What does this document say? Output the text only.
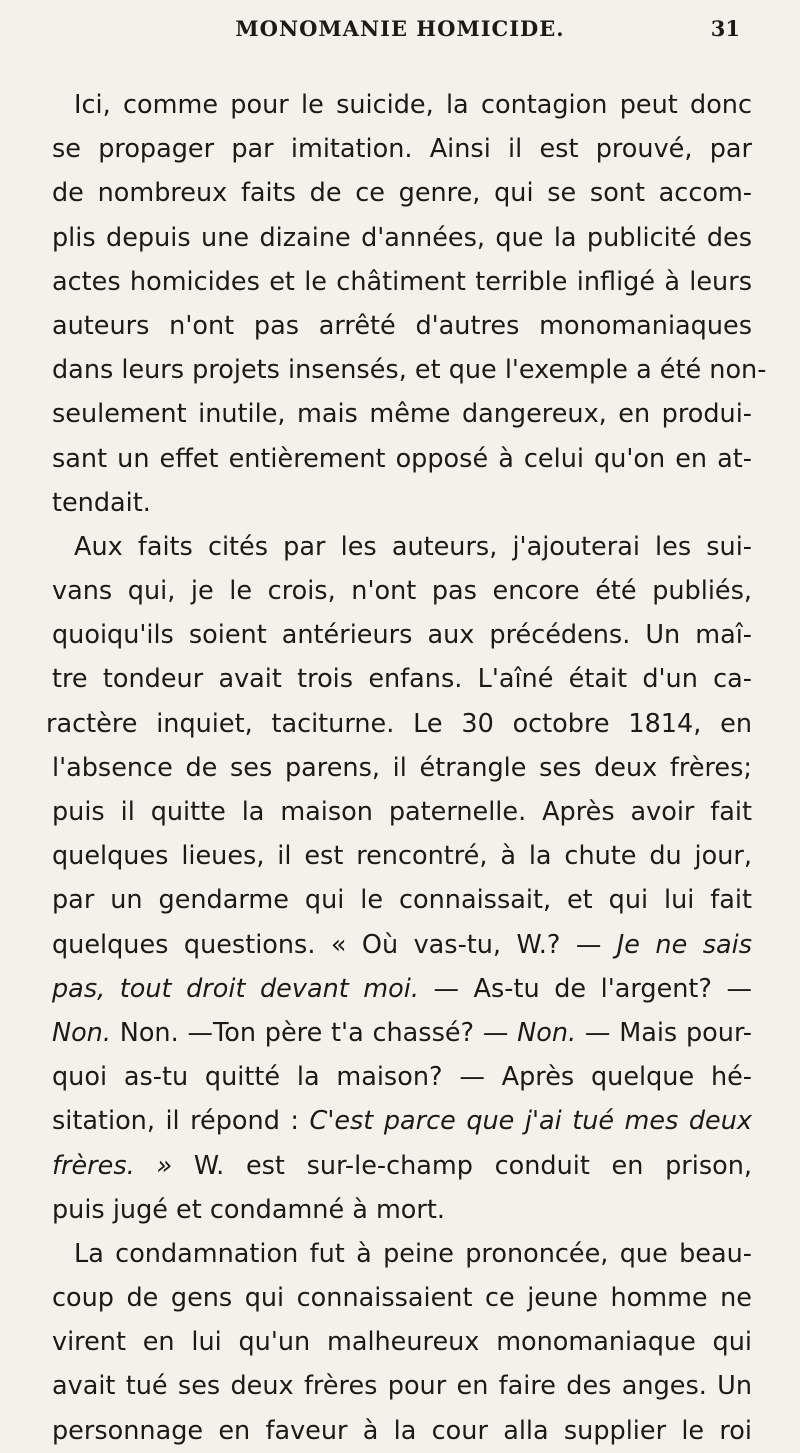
MONOMANIE HOMICIDE.	31
Ici, comme pour le suicide, la contagion peut donc
se propager par imitation. Ainsi il est prouvé, par
de nombreux faits de ce genre, qui se sont accom-
plis depuis une dizaine d'années, que la publicité des
actes homicides et le châtiment terrible infligé à leurs
auteurs n'ont pas arrêté d'autres monomaniaques
dans leurs projets insensés, et que l'exemple a été non-
seulement inutile, mais même dangereux, en produi-
sant un effet entièrement opposé à celui qu'on en at-
tendait.
Aux faits cités par les auteurs, j'ajouterai les sui-
vans qui, je le crois, n'ont pas encore été publiés,
quoiqu'ils soient antérieurs aux précédens. Un maî-
tre tondeur avait trois enfans. L'aîné était d'un ca-
ractère inquiet, taciturne. Le 30 octobre 1814, en
l'absence de ses parens, il étrangle ses deux frères;
puis il quitte la maison paternelle. Après avoir fait
quelques lieues, il est rencontré, à la chute du jour,
par un gendarme qui le connaissait, et qui lui fait
quelques questions. « Où vas-tu, W.? — Je ne sais
pas, tout droit devant moi. — As-tu de l'argent? —
Non. Non. —Ton père t'a chassé? — Non. — Mais pour-
quoi as-tu quitté la maison? — Après quelque hé-
sitation, il répond : C'est parce que j'ai tué mes deux
frères. » W. est sur-le-champ conduit en prison,
puis jugé et condamné à mort.
La condamnation fut à peine prononcée, que beau-
coup de gens qui connaissaient ce jeune homme ne
virent en lui qu'un malheureux monomaniaque qui
avait tué ses deux frères pour en faire des anges. Un
personnage en faveur à la cour alla supplier le roi
